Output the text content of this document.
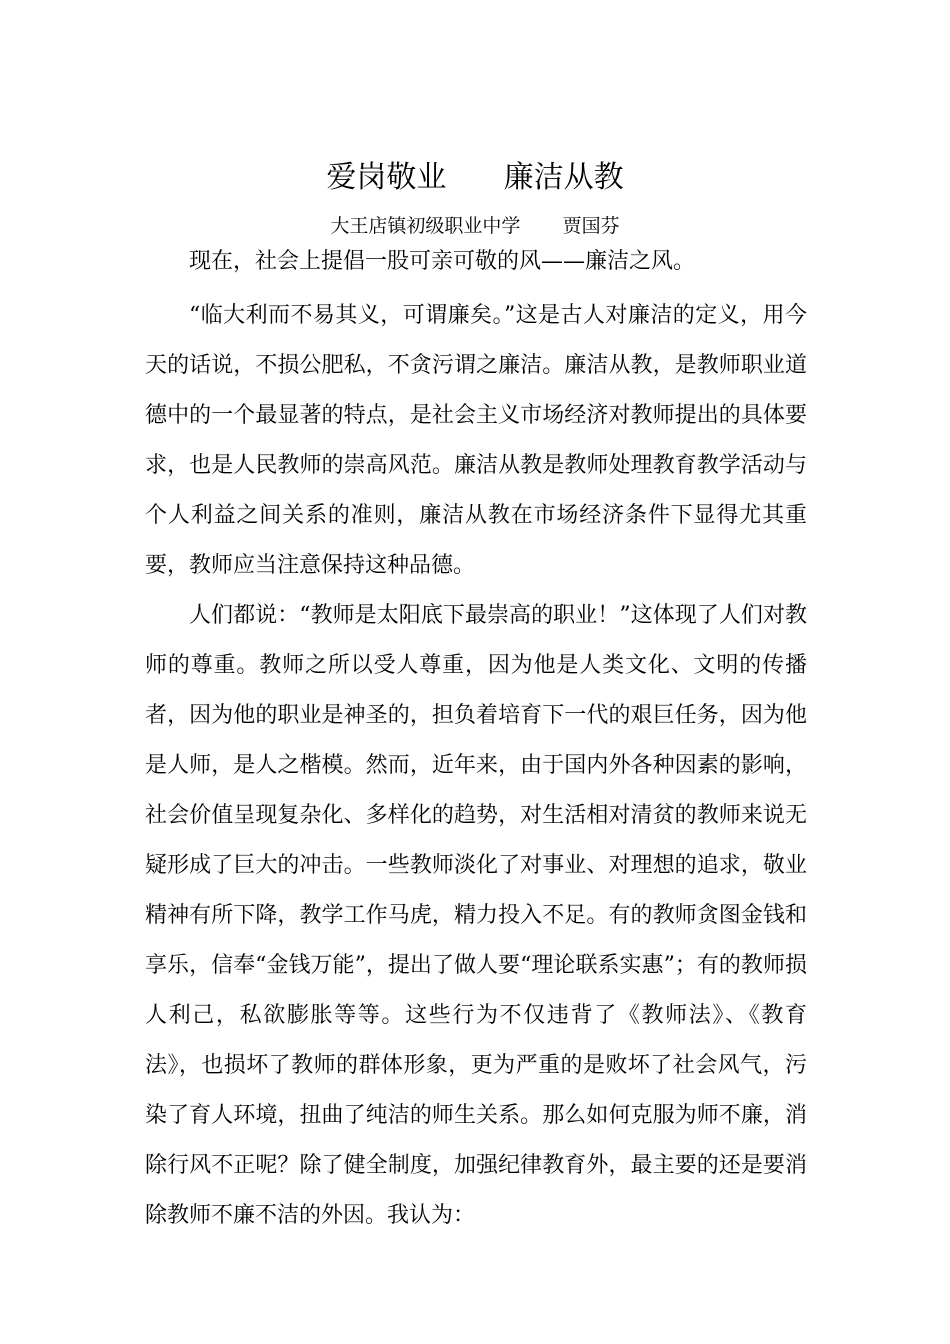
爱岗敬业      廉洁从教
大王店镇初级职业中学       贾国芬

现在，社会上提倡一股可亲可敬的风——廉洁之风。

“临大利而不易其义，可谓廉矣。”这是古人对廉洁的定义，用今天的话说，不损公肥私，不贪污谓之廉洁。廉洁从教，是教师职业道德中的一个最显著的特点，是社会主义市场经济对教师提出的具体要求，也是人民教师的崇高风范。廉洁从教是教师处理教育教学活动与个人利益之间关系的准则，廉洁从教在市场经济条件下显得尤其重要，教师应当注意保持这种品德。

人们都说：“教师是太阳底下最崇高的职业！”这体现了人们对教师的尊重。教师之所以受人尊重，因为他是人类文化、文明的传播者，因为他的职业是神圣的，担负着培育下一代的艰巨任务，因为他是人师，是人之楷模。然而，近年来，由于国内外各种因素的影响，社会价值呈现复杂化、多样化的趋势，对生活相对清贫的教师来说无疑形成了巨大的冲击。一些教师淡化了对事业、对理想的追求，敬业精神有所下降，教学工作马虎，精力投入不足。有的教师贪图金钱和享乐，信奉“金钱万能”，提出了做人要“理论联系实惠”；有的教师损人利己，私欲膨胀等等。这些行为不仅违背了《教师法》、《教育法》，也损坏了教师的群体形象，更为严重的是败坏了社会风气，污染了育人环境，扭曲了纯洁的师生关系。那么如何克服为师不廉，消除行风不正呢？除了健全制度，加强纪律教育外，最主要的还是要消除教师不廉不洁的外因。我认为：
